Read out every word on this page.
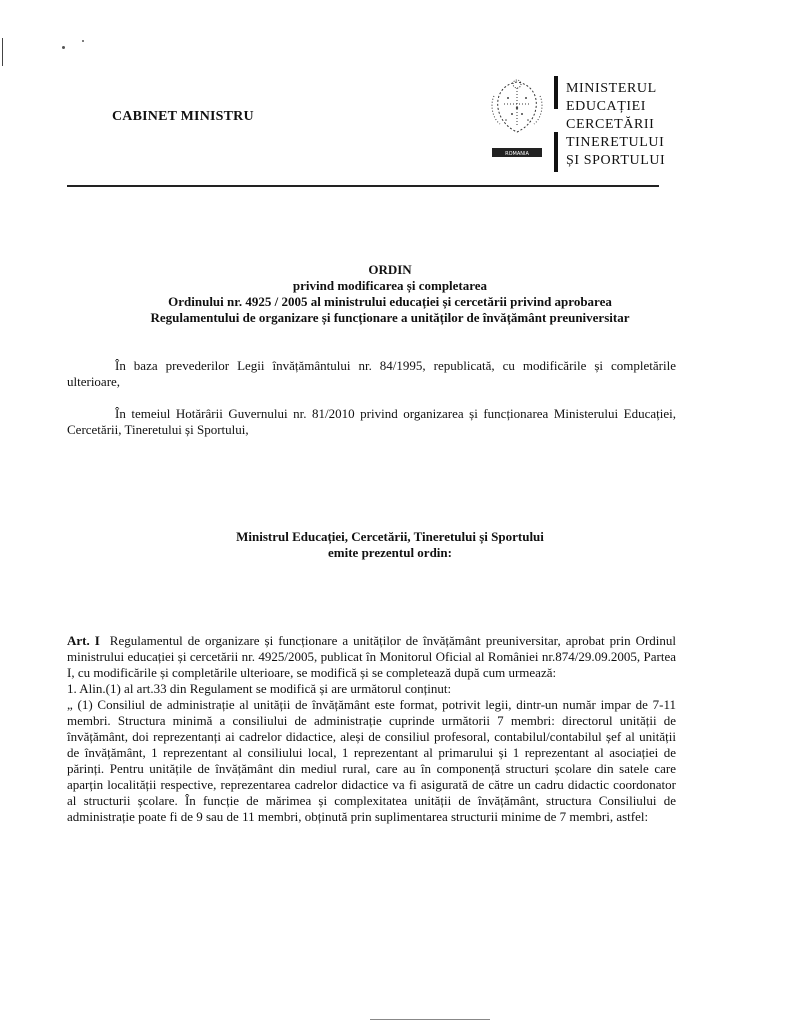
CABINET MINISTRU
ROMANIA
MINISTERUL
EDUCAȚIEI
CERCETĂRII
TINERETULUI
ȘI SPORTULUI
ORDIN
privind modificarea și completarea
Ordinului nr. 4925 / 2005 al ministrului educației și cercetării privind aprobarea
Regulamentului de organizare și funcționare a unităților de învățământ preuniversitar
În baza prevederilor Legii învățământului nr. 84/1995, republicată, cu modificările și completările ulterioare,
În temeiul Hotărârii Guvernului nr. 81/2010 privind organizarea și funcționarea Ministerului Educației, Cercetării, Tineretului și Sportului,
Ministrul Educației, Cercetării, Tineretului și Sportului
emite prezentul ordin:

Art. I Regulamentul de organizare și funcționare a unităților de învățământ preuniversitar, aprobat prin Ordinul ministrului educației și cercetării nr. 4925/2005, publicat în Monitorul Oficial al României nr.874/29.09.2005, Partea I, cu modificările și completările ulterioare, se modifică și se completează după cum urmează:

1. Alin.(1) al art.33 din Regulament se modifică și are următorul conținut:

„ (1) Consiliul de administrație al unității de învățământ este format, potrivit legii, dintr-un număr impar de 7-11 membri. Structura minimă a consiliului de administrație cuprinde următorii 7 membri: directorul unității de învățământ, doi reprezentanți ai cadrelor didactice, aleși de consiliul profesoral, contabilul/contabilul șef al unității de învățământ, 1 reprezentant al consiliului local, 1 reprezentant al primarului și 1 reprezentant al asociației de părinți. Pentru unitățile de învățământ din mediul rural, care au în componență structuri școlare din satele care aparțin localității respective, reprezentarea cadrelor didactice va fi asigurată de către un cadru didactic coordonator al structurii școlare. În funcție de mărimea și complexitatea unității de învățământ, structura Consiliului de administrație poate fi de 9 sau de 11 membri, obținută prin suplimentarea structurii minime de 7 membri, astfel:
